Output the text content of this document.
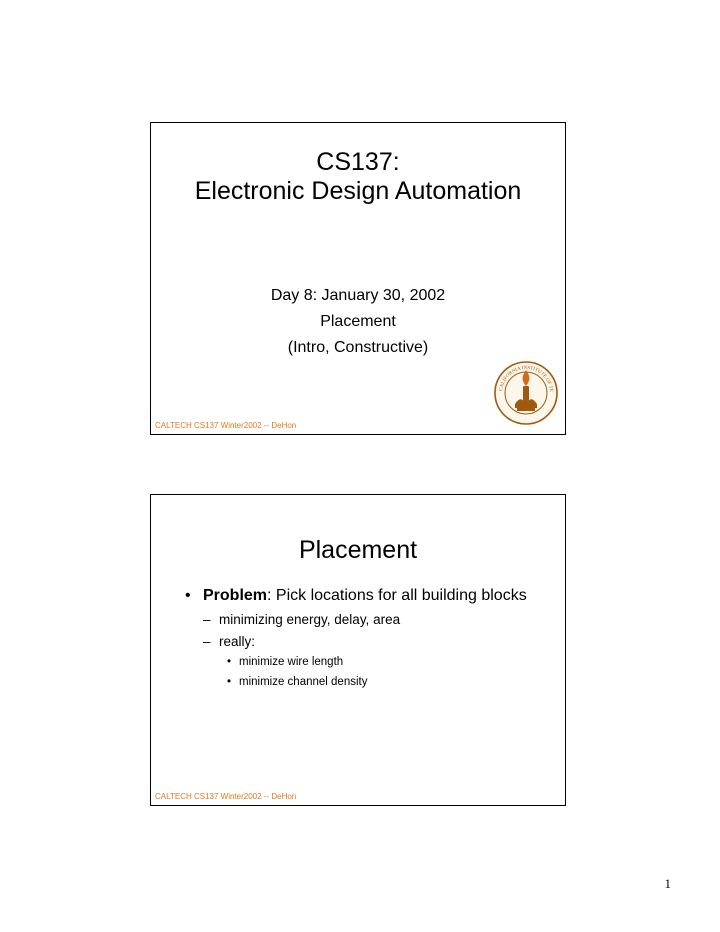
CS137:
Electronic Design Automation
Day 8: January 30, 2002
Placement
(Intro, Constructive)
CALIFORNIA INSTITUTE OF TE
CALTECH CS137 Winter2002 -- DeHon
Placement
• Problem: Pick locations for all building blocks
– minimizing energy, delay, area
– really:
• minimize wire length
• minimize channel density
CALTECH CS137 Winter2002 -- DeHon
1
